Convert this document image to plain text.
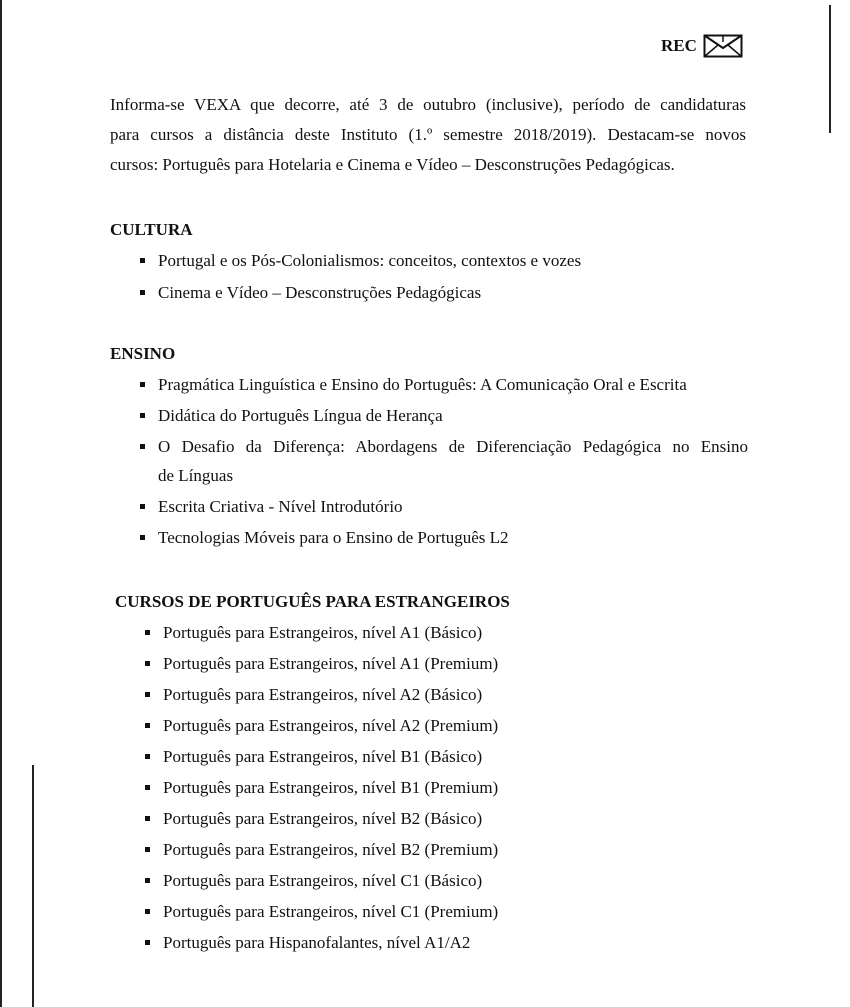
REC
Informa-se VEXA que decorre, até 3 de outubro (inclusive), período de candidaturas
para cursos a distância deste Instituto (1.º semestre 2018/2019). Destacam-se novos
cursos: Português para Hotelaria e Cinema e Vídeo – Desconstruções Pedagógicas.
CULTURA
Portugal e os Pós-Colonialismos: conceitos, contextos e vozes
Cinema e Vídeo – Desconstruções Pedagógicas
ENSINO
Pragmática Linguística e Ensino do Português: A Comunicação Oral e Escrita
Didática do Português Língua de Herança
O Desafio da Diferença: Abordagens de Diferenciação Pedagógica no Ensino
de Línguas
Escrita Criativa - Nível Introdutório
Tecnologias Móveis para o Ensino de Português L2
CURSOS DE PORTUGUÊS PARA ESTRANGEIROS
Português para Estrangeiros, nível A1 (Básico)
Português para Estrangeiros, nível A1 (Premium)
Português para Estrangeiros, nível A2 (Básico)
Português para Estrangeiros, nível A2 (Premium)
Português para Estrangeiros, nível B1 (Básico)
Português para Estrangeiros, nível B1 (Premium)
Português para Estrangeiros, nível B2 (Básico)
Português para Estrangeiros, nível B2 (Premium)
Português para Estrangeiros, nível C1 (Básico)
Português para Estrangeiros, nível C1 (Premium)
Português para Hispanofalantes, nível A1/A2
